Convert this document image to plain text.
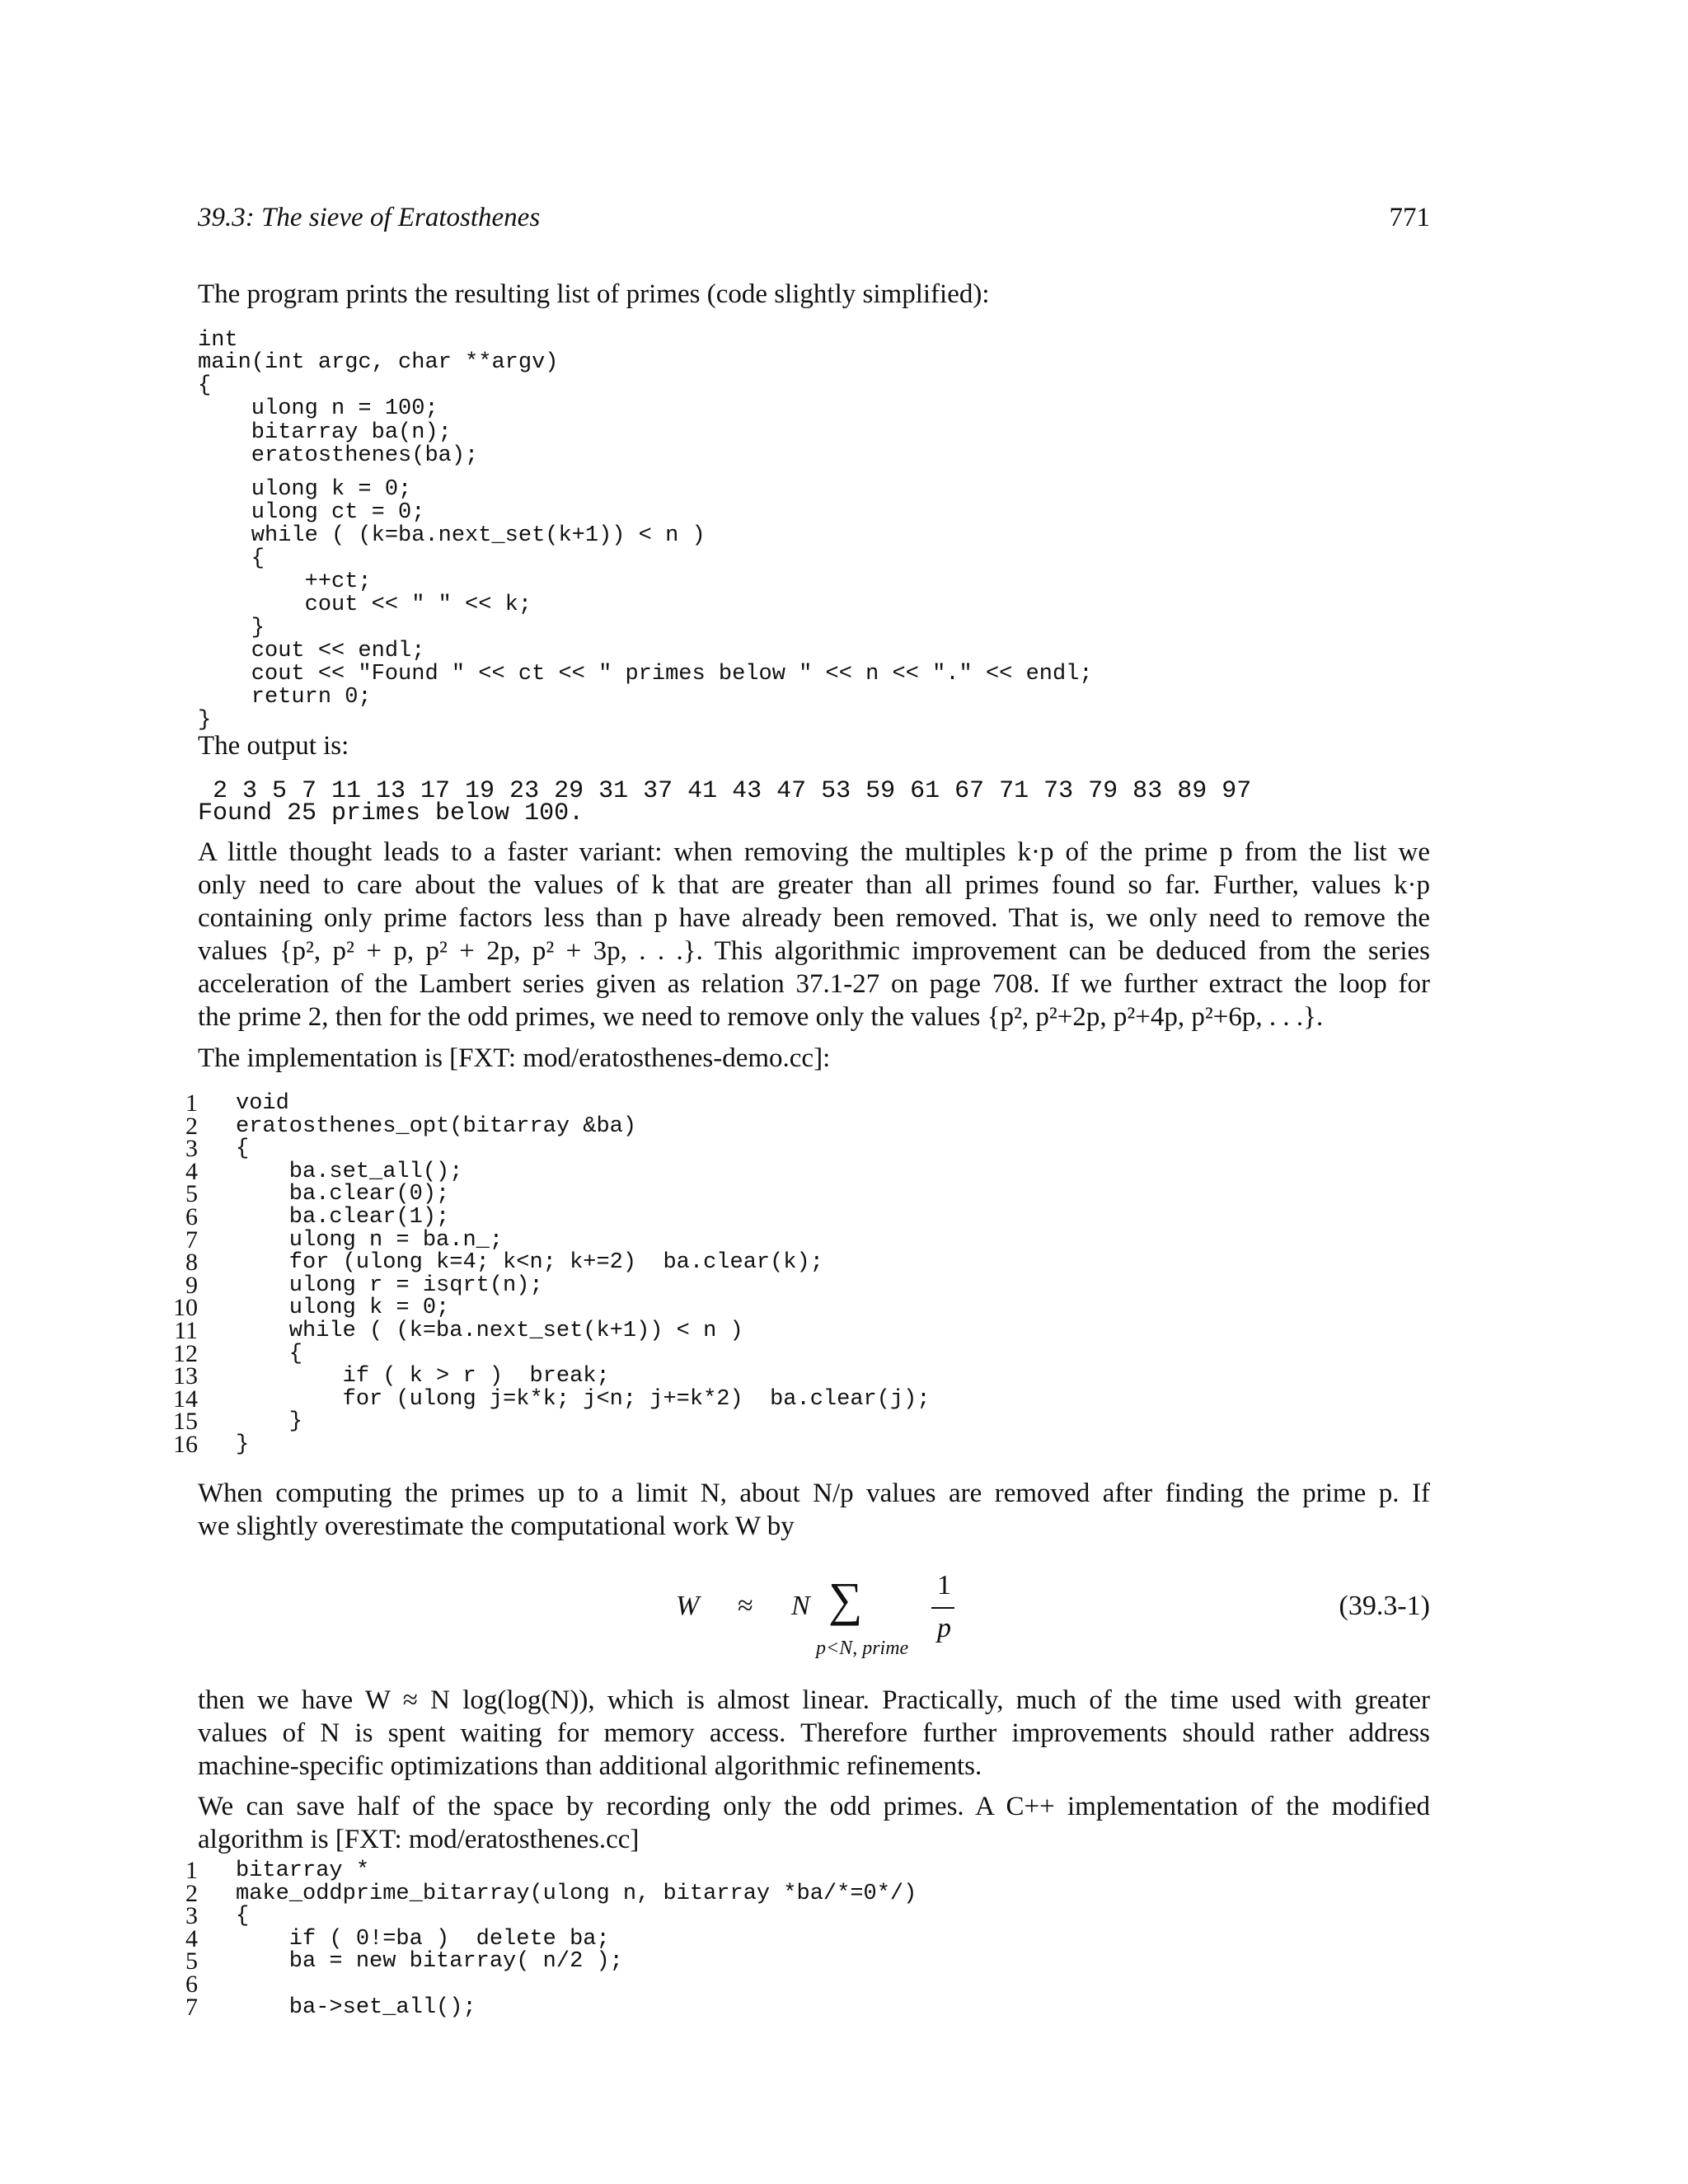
39.3: The sieve of Eratosthenes	771
The program prints the resulting list of primes (code slightly simplified):
int
main(int argc, char **argv)
{
ulong n = 100;
bitarray ba(n);
eratosthenes(ba);
ulong k = 0;
ulong ct = 0;
while ( (k=ba.next_set(k+1)) < n )
{
++ct;
cout << " " << k;
}
cout << endl;
cout << "Found " << ct << " primes below " << n << "." << endl;
return 0;
}
The output is:
2 3 5 7 11 13 17 19 23 29 31 37 41 43 47 53 59 61 67 71 73 79 83 89 97
Found 25 primes below 100.
A little thought leads to a faster variant: when removing the multiples k·p of the prime p from the list we
only need to care about the values of k that are greater than all primes found so far. Further, values k·p
containing only prime factors less than p have already been removed. That is, we only need to remove the
values {p², p² + p, p² + 2p, p² + 3p, . . .}. This algorithmic improvement can be deduced from the series
acceleration of the Lambert series given as relation 37.1-27 on page 708. If we further extract the loop for
the prime 2, then for the odd primes, we need to remove only the values {p², p²+2p, p²+4p, p²+6p, . . .}.
The implementation is [FXT: mod/eratosthenes-demo.cc]:
1 void
2 eratosthenes_opt(bitarray &ba)
3 {
4 ba.set_all();
5 ba.clear(0);
6 ba.clear(1);
7 ulong n = ba.n_;
8 for (ulong k=4; k<n; k+=2)  ba.clear(k);
9 ulong r = isqrt(n);
10 ulong k = 0;
11 while ( (k=ba.next_set(k+1)) < n )
12 {
13 if ( k > r )  break;
14 for (ulong j=k*k; j<n; j+=k*2)  ba.clear(j);
15 }
16 }
When computing the primes up to a limit N, about N/p values are removed after finding the prime p. If
we slightly overestimate the computational work W by
W ≈ N ∑
p<N, prime
1
p
(39.3-1)
then we have W ≈ N log(log(N)), which is almost linear. Practically, much of the time used with greater
values of N is spent waiting for memory access. Therefore further improvements should rather address
machine-specific optimizations than additional algorithmic refinements.
We can save half of the space by recording only the odd primes. A C++ implementation of the modified
algorithm is [FXT: mod/eratosthenes.cc]
1 bitarray *
2 make_oddprime_bitarray(ulong n, bitarray *ba/*=0*/)
3 {
4 if ( 0!=ba )  delete ba;
5 ba = new bitarray( n/2 );
6
7 ba->set_all();
